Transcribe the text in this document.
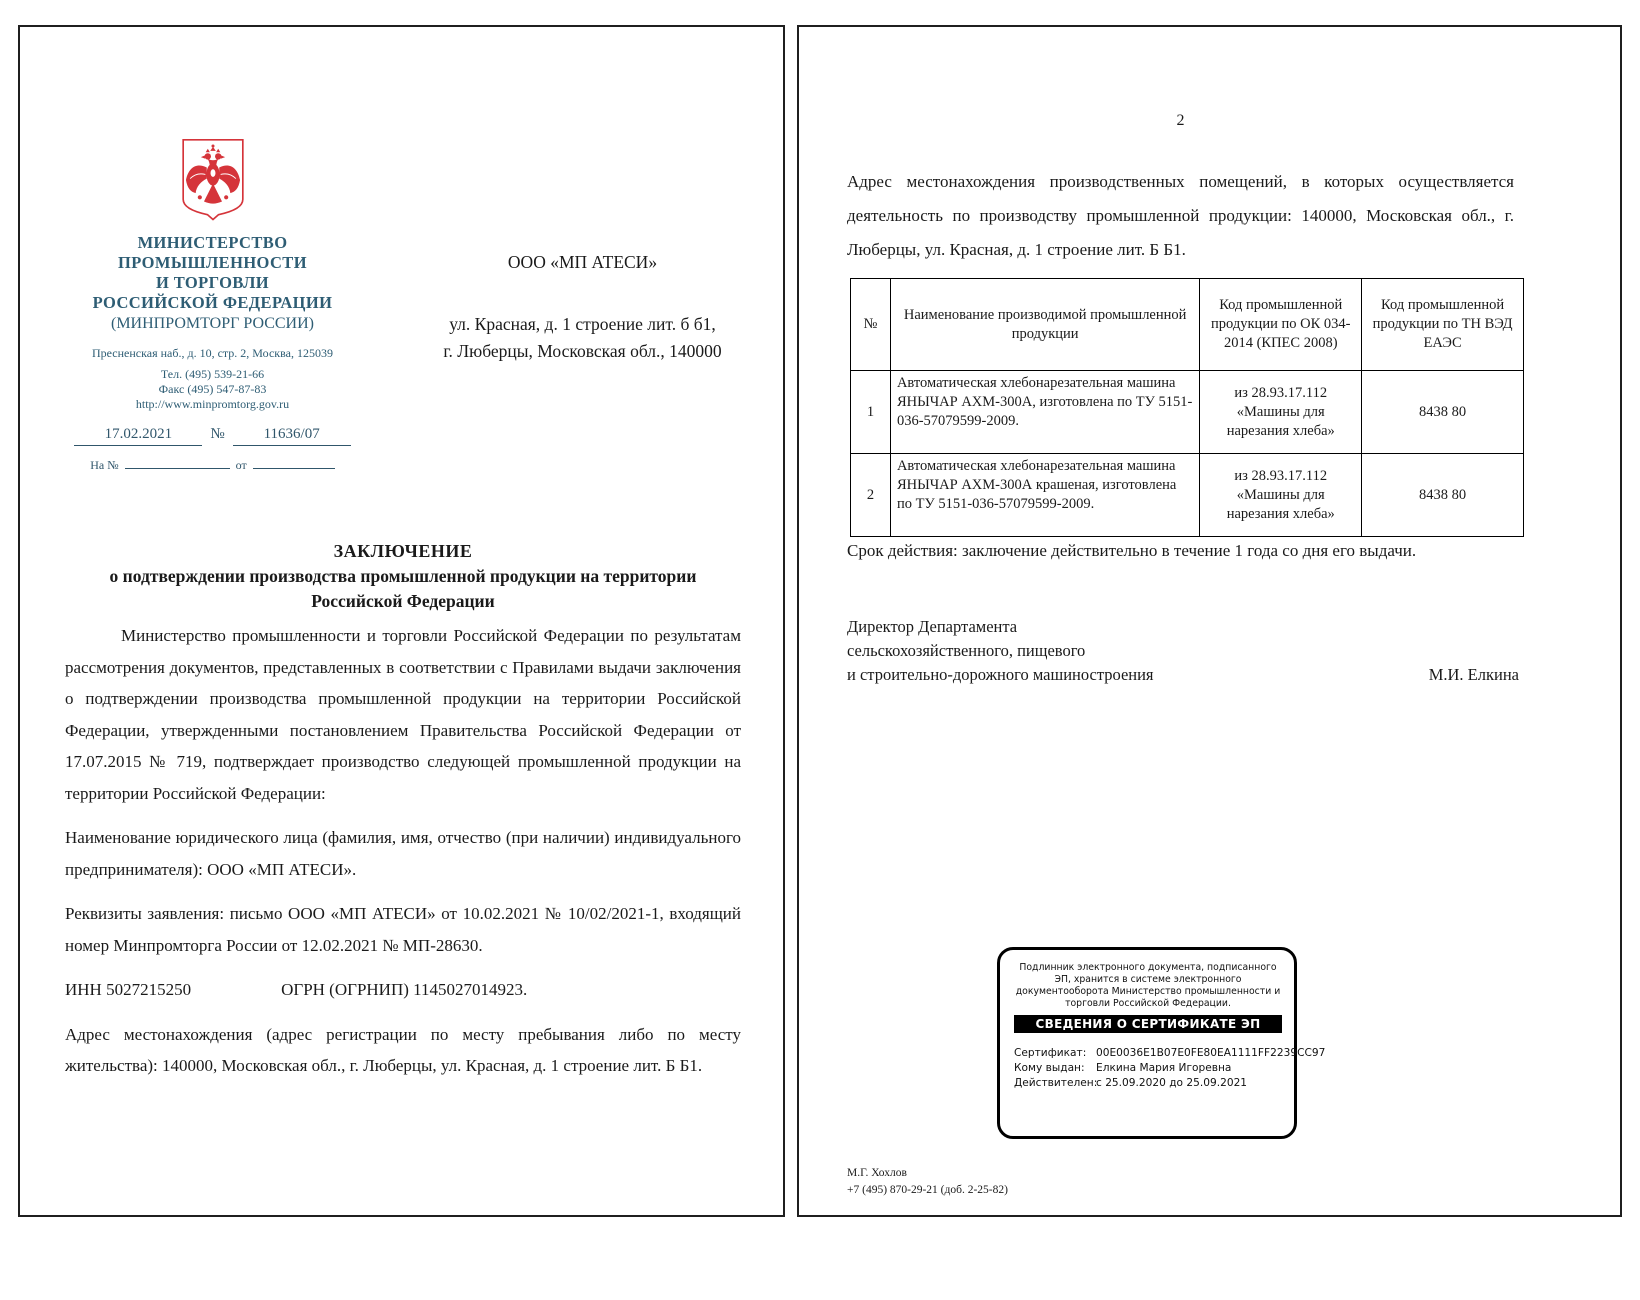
МИНИСТЕРСТВО
ПРОМЫШЛЕННОСТИ
И ТОРГОВЛИ
РОССИЙСКОЙ ФЕДЕРАЦИИ
(МИНПРОМТОРГ РОССИИ)
Пресненская наб., д. 10, стр. 2, Москва, 125039
Тел. (495) 539-21-66
Факс (495) 547-87-83
http://www.minpromtorg.gov.ru
17.02.2021	№	11636/07
На №	от
ООО «МП АТЕСИ»
ул. Красная, д. 1 строение лит. б б1,
г. Люберцы, Московская обл., 140000
ЗАКЛЮЧЕНИЕ
о подтверждении производства промышленной продукции на территории
Российской Федерации

Министерство промышленности и торговли Российской Федерации по результатам рассмотрения документов, представленных в соответствии с Правилами выдачи заключения о подтверждении производства промышленной продукции на территории Российской Федерации, утвержденными постановлением Правительства Российской Федерации от 17.07.2015 № 719, подтверждает производство следующей промышленной продукции на территории Российской Федерации:

Наименование юридического лица (фамилия, имя, отчество (при наличии) индивидуального предпринимателя): ООО «МП АТЕСИ».

Реквизиты заявления: письмо ООО «МП АТЕСИ» от 10.02.2021 № 10/02/2021-1, входящий номер Минпромторга России от 12.02.2021 № МП-28630.

ИНН 5027215250	ОГРН (ОГРНИП) 1145027014923.

Адрес местонахождения (адрес регистрации по месту пребывания либо по месту жительства): 140000, Московская обл., г. Люберцы, ул. Красная, д. 1 строение лит. Б Б1.

2
Адрес местонахождения производственных помещений, в которых осуществляется деятельность по производству промышленной продукции: 140000, Московская обл., г. Люберцы, ул. Красная, д. 1 строение лит. Б Б1.
№	Наименование производимой промышленной продукции	Код промышленной продукции по ОК 034-2014 (КПЕС 2008)	Код промышленной продукции по ТН ВЭД ЕАЭС
1	Автоматическая хлебонарезательная машина ЯНЫЧАР АХМ-300А, изготовлена по ТУ 5151-036-57079599-2009.	из 28.93.17.112 «Машины для нарезания хлеба»	8438 80
2	Автоматическая хлебонарезательная машина ЯНЫЧАР АХМ-300А крашеная, изготовлена по ТУ 5151-036-57079599-2009.	из 28.93.17.112 «Машины для нарезания хлеба»	8438 80
Срок действия: заключение действительно в течение 1 года со дня его выдачи.
Директор Департамента
сельскохозяйственного, пищевого
и строительно-дорожного машиностроения	М.И. Елкина
Подлинник электронного документа, подписанного ЭП, хранится в системе электронного документооборота Министерство промышленности и торговли Российской Федерации.
СВЕДЕНИЯ О СЕРТИФИКАТЕ ЭП
Сертификат: 00E0036E1B07E0FE80EA1111FF2239CC97
Кому выдан:	Елкина Мария Игоревна
Действителен:
с 25.09.2020 до 25.09.2021
М.Г. Хохлов
+7 (495) 870-29-21 (доб. 2-25-82)
